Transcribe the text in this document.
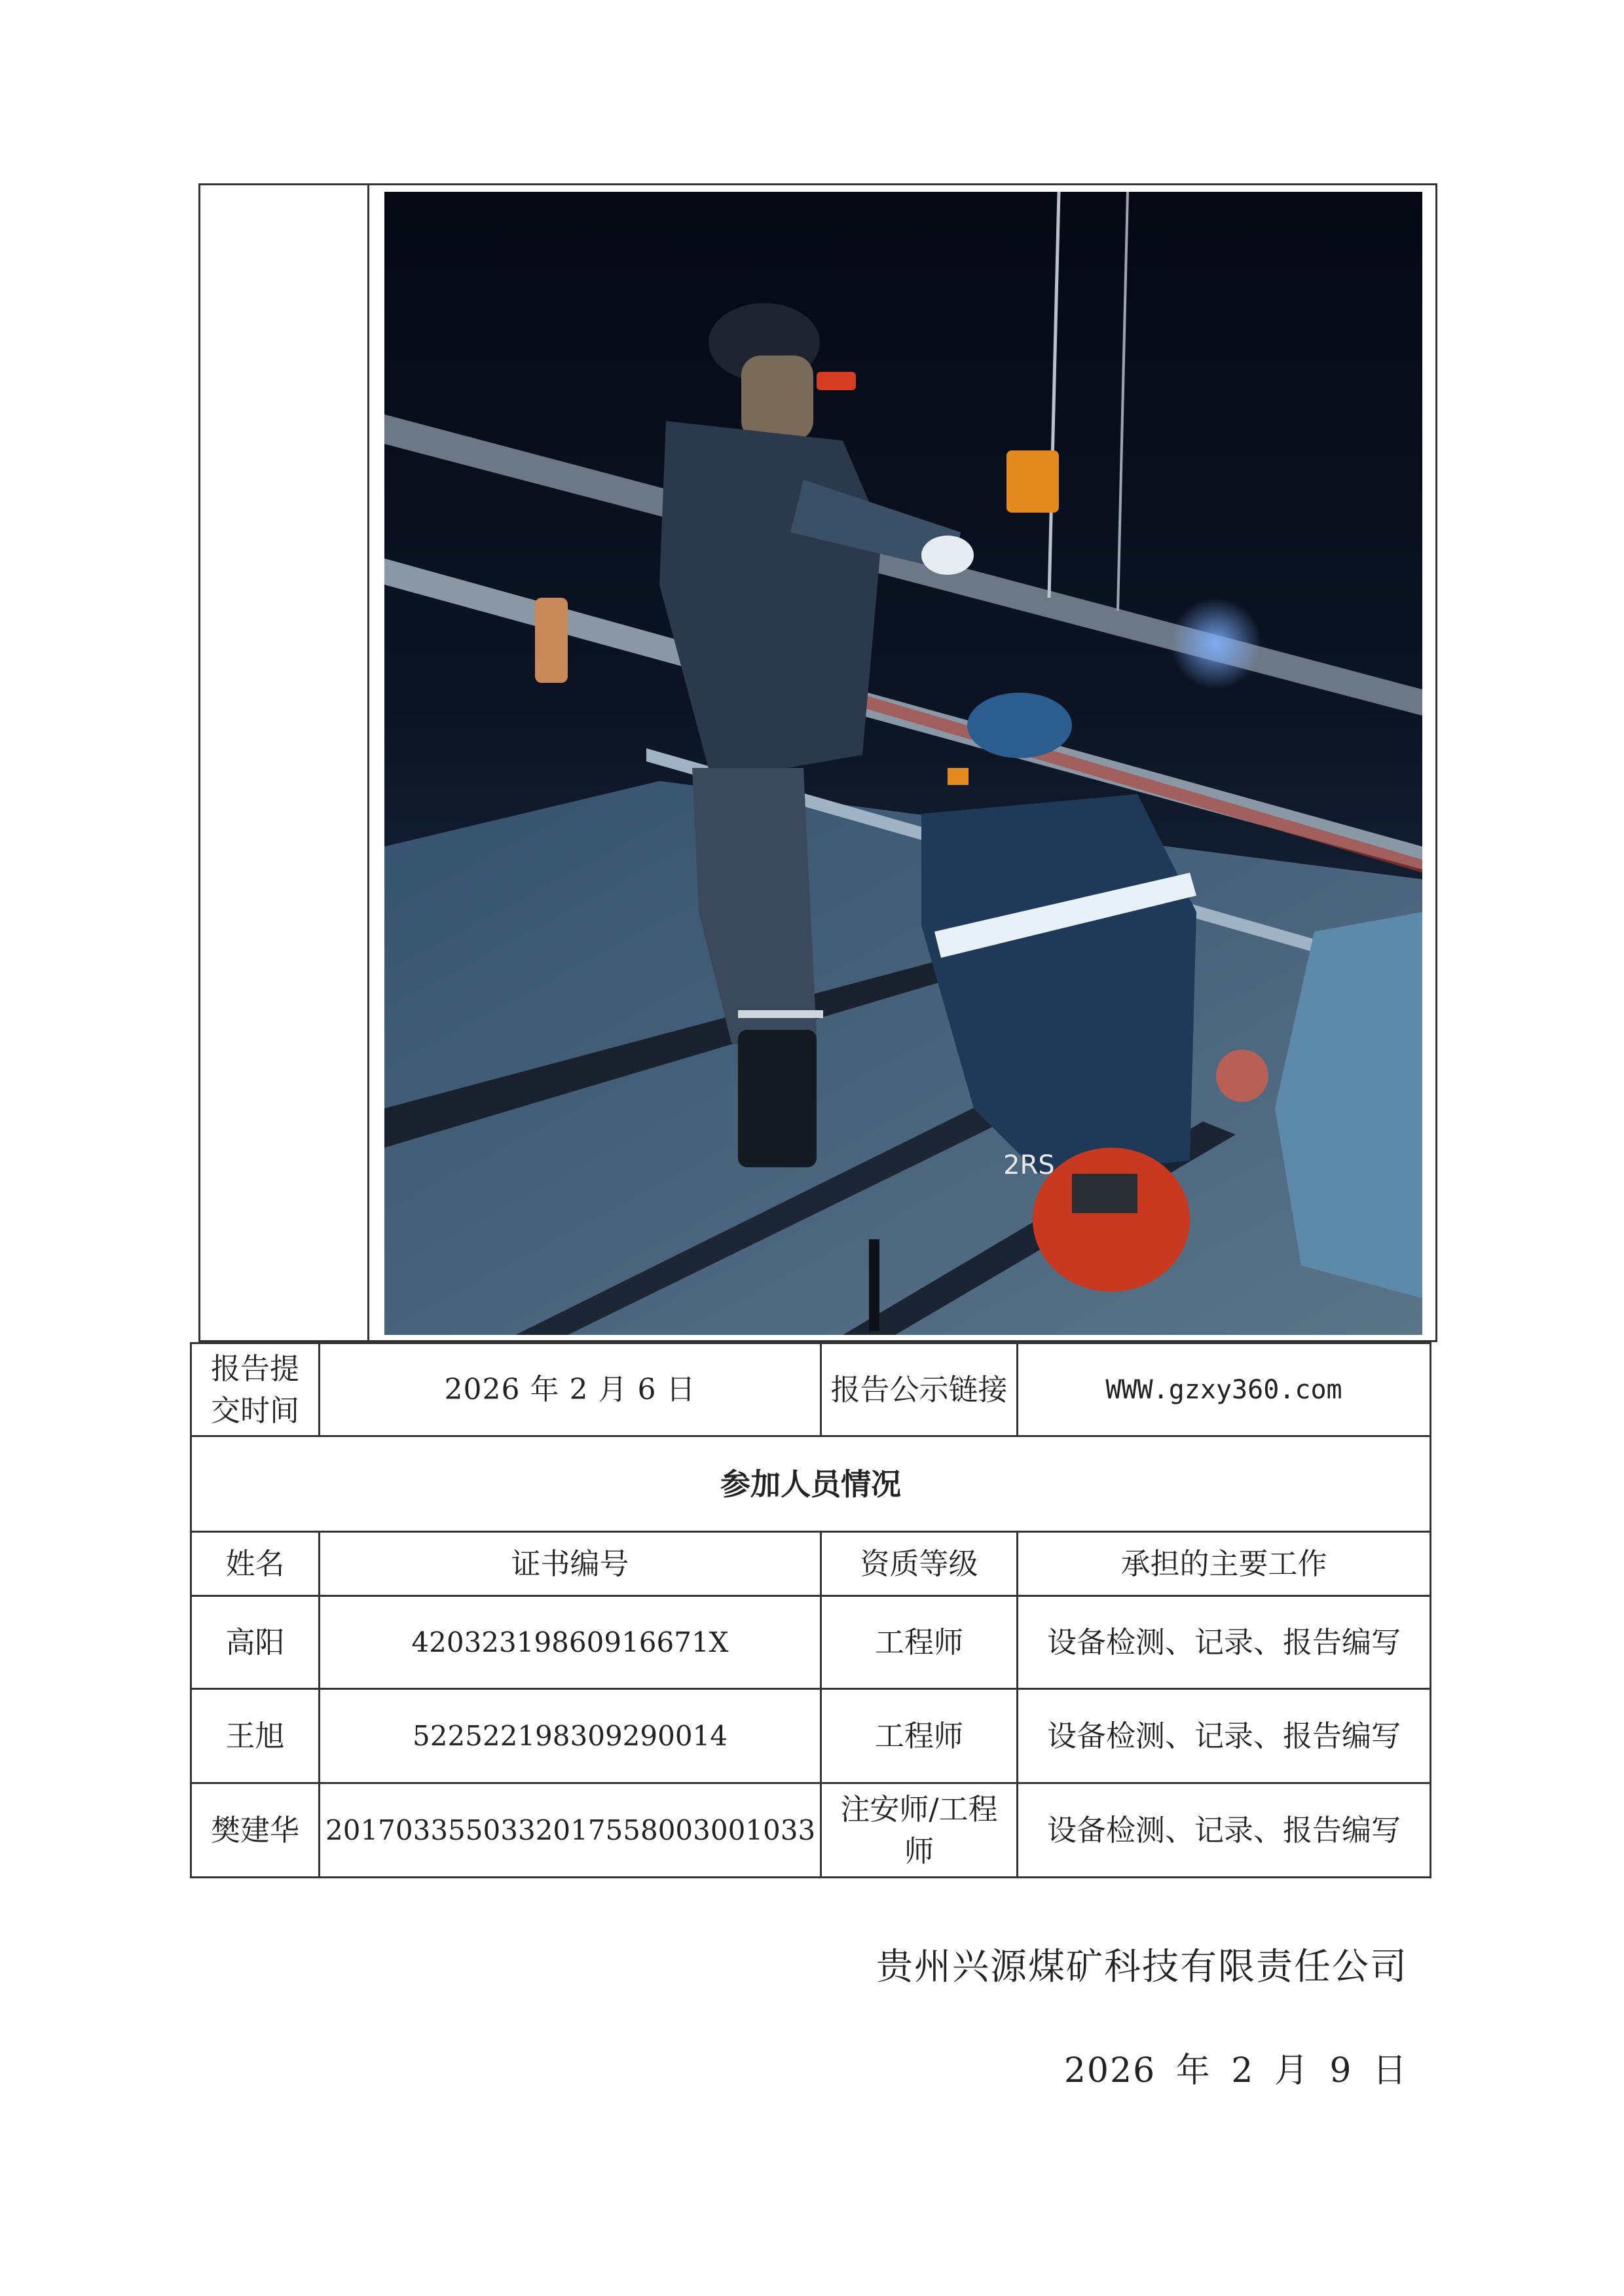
2RS
报告提交时间	2026 年 2 月 6 日	报告公示链接	WWW.gzxy360.com
参加人员情况			
姓名	证书编号	资质等级	承担的主要工作
高阳	42032319860916671X	工程师	设备检测、记录、报告编写
王旭	522522198309290014	工程师	设备检测、记录、报告编写
樊建华	2017033550332017558003001033	注安师/工程师	设备检测、记录、报告编写
贵州兴源煤矿科技有限责任公司
2026 年 2 月 9 日
